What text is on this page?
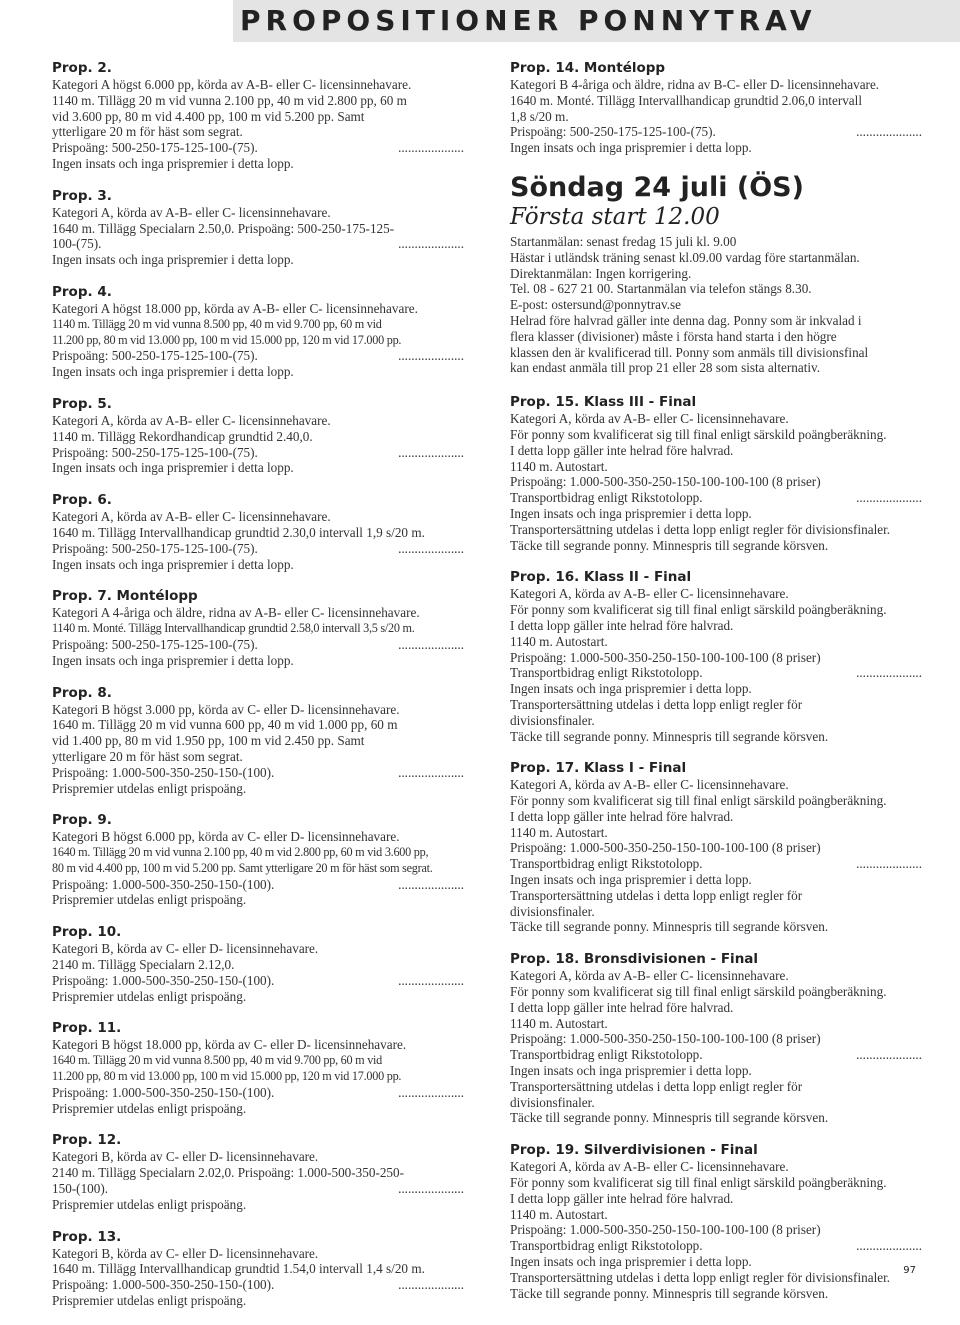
PROPOSITIONER PONNYTRAV
Prop. 2.
Kategori A högst 6.000 pp, körda av A-B- eller C- licensinnehavare.
1140 m. Tillägg 20 m vid vunna 2.100 pp, 40 m vid 2.800 pp, 60 m
vid 3.600 pp, 80 m vid 4.400 pp, 100 m vid 5.200 pp. Samt
ytterligare 20 m för häst som segrat.
Prispoäng: 500-250-175-125-100-(75).	....................
Ingen insats och inga prispremier i detta lopp.
Prop. 3.
Kategori A, körda av A-B- eller C- licensinnehavare.
1640 m. Tillägg Specialarn 2.50,0. Prispoäng: 500-250-175-125-
100-(75).	....................
Ingen insats och inga prispremier i detta lopp.
Prop. 4.
Kategori A högst 18.000 pp, körda av A-B- eller C- licensinnehavare.
1140 m. Tillägg 20 m vid vunna 8.500 pp, 40 m vid 9.700 pp, 60 m vid
11.200 pp, 80 m vid 13.000 pp, 100 m vid 15.000 pp, 120 m vid 17.000 pp.
Prispoäng: 500-250-175-125-100-(75).	....................
Ingen insats och inga prispremier i detta lopp.
Prop. 5.
Kategori A, körda av A-B- eller C- licensinnehavare.
1140 m. Tillägg Rekordhandicap grundtid 2.40,0.
Prispoäng: 500-250-175-125-100-(75).	....................
Ingen insats och inga prispremier i detta lopp.
Prop. 6.
Kategori A, körda av A-B- eller C- licensinnehavare.
1640 m. Tillägg Intervallhandicap grundtid 2.30,0 intervall 1,9 s/20 m.
Prispoäng: 500-250-175-125-100-(75).	....................
Ingen insats och inga prispremier i detta lopp.
Prop. 7. Montélopp
Kategori A 4-åriga och äldre, ridna av A-B- eller C- licensinnehavare.
1140 m. Monté. Tillägg Intervallhandicap grundtid 2.58,0 intervall 3,5 s/20 m.
Prispoäng: 500-250-175-125-100-(75).	....................
Ingen insats och inga prispremier i detta lopp.
Prop. 8.
Kategori B högst 3.000 pp, körda av C- eller D- licensinnehavare.
1640 m. Tillägg 20 m vid vunna 600 pp, 40 m vid 1.000 pp, 60 m
vid 1.400 pp, 80 m vid 1.950 pp, 100 m vid 2.450 pp. Samt
ytterligare 20 m för häst som segrat.
Prispoäng: 1.000-500-350-250-150-(100).	....................
Prispremier utdelas enligt prispoäng.
Prop. 9.
Kategori B högst 6.000 pp, körda av C- eller D- licensinnehavare.
1640 m. Tillägg 20 m vid vunna 2.100 pp, 40 m vid 2.800 pp, 60 m vid 3.600 pp,
80 m vid 4.400 pp, 100 m vid 5.200 pp. Samt ytterligare 20 m för häst som segrat.
Prispoäng: 1.000-500-350-250-150-(100).	....................
Prispremier utdelas enligt prispoäng.
Prop. 10.
Kategori B, körda av C- eller D- licensinnehavare.
2140 m. Tillägg Specialarn 2.12,0.
Prispoäng: 1.000-500-350-250-150-(100).	....................
Prispremier utdelas enligt prispoäng.
Prop. 11.
Kategori B högst 18.000 pp, körda av C- eller D- licensinnehavare.
1640 m. Tillägg 20 m vid vunna 8.500 pp, 40 m vid 9.700 pp, 60 m vid
11.200 pp, 80 m vid 13.000 pp, 100 m vid 15.000 pp, 120 m vid 17.000 pp.
Prispoäng: 1.000-500-350-250-150-(100).	....................
Prispremier utdelas enligt prispoäng.
Prop. 12.
Kategori B, körda av C- eller D- licensinnehavare.
2140 m. Tillägg Specialarn 2.02,0. Prispoäng: 1.000-500-350-250-
150-(100).	....................
Prispremier utdelas enligt prispoäng.
Prop. 13.
Kategori B, körda av C- eller D- licensinnehavare.
1640 m. Tillägg Intervallhandicap grundtid 1.54,0 intervall 1,4 s/20 m.
Prispoäng: 1.000-500-350-250-150-(100).	....................
Prispremier utdelas enligt prispoäng.
Prop. 14. Montélopp
Kategori B 4-åriga och äldre, ridna av B-C- eller D- licensinnehavare.
1640 m. Monté. Tillägg Intervallhandicap grundtid 2.06,0 intervall
1,8 s/20 m.
Prispoäng: 500-250-175-125-100-(75).	....................
Ingen insats och inga prispremier i detta lopp.
Söndag 24 juli (ÖS)
Första start 12.00
Startanmälan: senast fredag 15 juli kl. 9.00
Hästar i utländsk träning senast kl.09.00 vardag före startanmälan.
Direktanmälan: Ingen korrigering.
Tel. 08 - 627 21 00. Startanmälan via telefon stängs 8.30.
E-post: ostersund@ponnytrav.se
Helrad före halvrad gäller inte denna dag. Ponny som är inkvalad i
flera klasser (divisioner) måste i första hand starta i den högre
klassen den är kvalificerad till. Ponny som anmäls till divisionsfinal
kan endast anmäla till prop 21 eller 28 som sista alternativ.
Prop. 15. Klass III - Final
Kategori A, körda av A-B- eller C- licensinnehavare.
För ponny som kvalificerat sig till final enligt särskild poängberäkning.
I detta lopp gäller inte helrad före halvrad.
1140 m. Autostart.
Prispoäng: 1.000-500-350-250-150-100-100-100 (8 priser)
Transportbidrag enligt Rikstotolopp.	....................
Ingen insats och inga prispremier i detta lopp.
Transportersättning utdelas i detta lopp enligt regler för divisionsfinaler.
Täcke till segrande ponny. Minnespris till segrande körsven.
Prop. 16. Klass II - Final
Kategori A, körda av A-B- eller C- licensinnehavare.
För ponny som kvalificerat sig till final enligt särskild poängberäkning.
I detta lopp gäller inte helrad före halvrad.
1140 m. Autostart.
Prispoäng: 1.000-500-350-250-150-100-100-100 (8 priser)
Transportbidrag enligt Rikstotolopp.	....................
Ingen insats och inga prispremier i detta lopp.
Transportersättning utdelas i detta lopp enligt regler för
divisionsfinaler.
Täcke till segrande ponny. Minnespris till segrande körsven.
Prop. 17. Klass I - Final
Kategori A, körda av A-B- eller C- licensinnehavare.
För ponny som kvalificerat sig till final enligt särskild poängberäkning.
I detta lopp gäller inte helrad före halvrad.
1140 m. Autostart.
Prispoäng: 1.000-500-350-250-150-100-100-100 (8 priser)
Transportbidrag enligt Rikstotolopp.	....................
Ingen insats och inga prispremier i detta lopp.
Transportersättning utdelas i detta lopp enligt regler för
divisionsfinaler.
Täcke till segrande ponny. Minnespris till segrande körsven.
Prop. 18. Bronsdivisionen - Final
Kategori A, körda av A-B- eller C- licensinnehavare.
För ponny som kvalificerat sig till final enligt särskild poängberäkning.
I detta lopp gäller inte helrad före halvrad.
1140 m. Autostart.
Prispoäng: 1.000-500-350-250-150-100-100-100 (8 priser)
Transportbidrag enligt Rikstotolopp.	....................
Ingen insats och inga prispremier i detta lopp.
Transportersättning utdelas i detta lopp enligt regler för
divisionsfinaler.
Täcke till segrande ponny. Minnespris till segrande körsven.
Prop. 19. Silverdivisionen - Final
Kategori A, körda av A-B- eller C- licensinnehavare.
För ponny som kvalificerat sig till final enligt särskild poängberäkning.
I detta lopp gäller inte helrad före halvrad.
1140 m. Autostart.
Prispoäng: 1.000-500-350-250-150-100-100-100 (8 priser)
Transportbidrag enligt Rikstotolopp.	....................
Ingen insats och inga prispremier i detta lopp.
Transportersättning utdelas i detta lopp enligt regler för divisionsfinaler.
Täcke till segrande ponny. Minnespris till segrande körsven.
97
